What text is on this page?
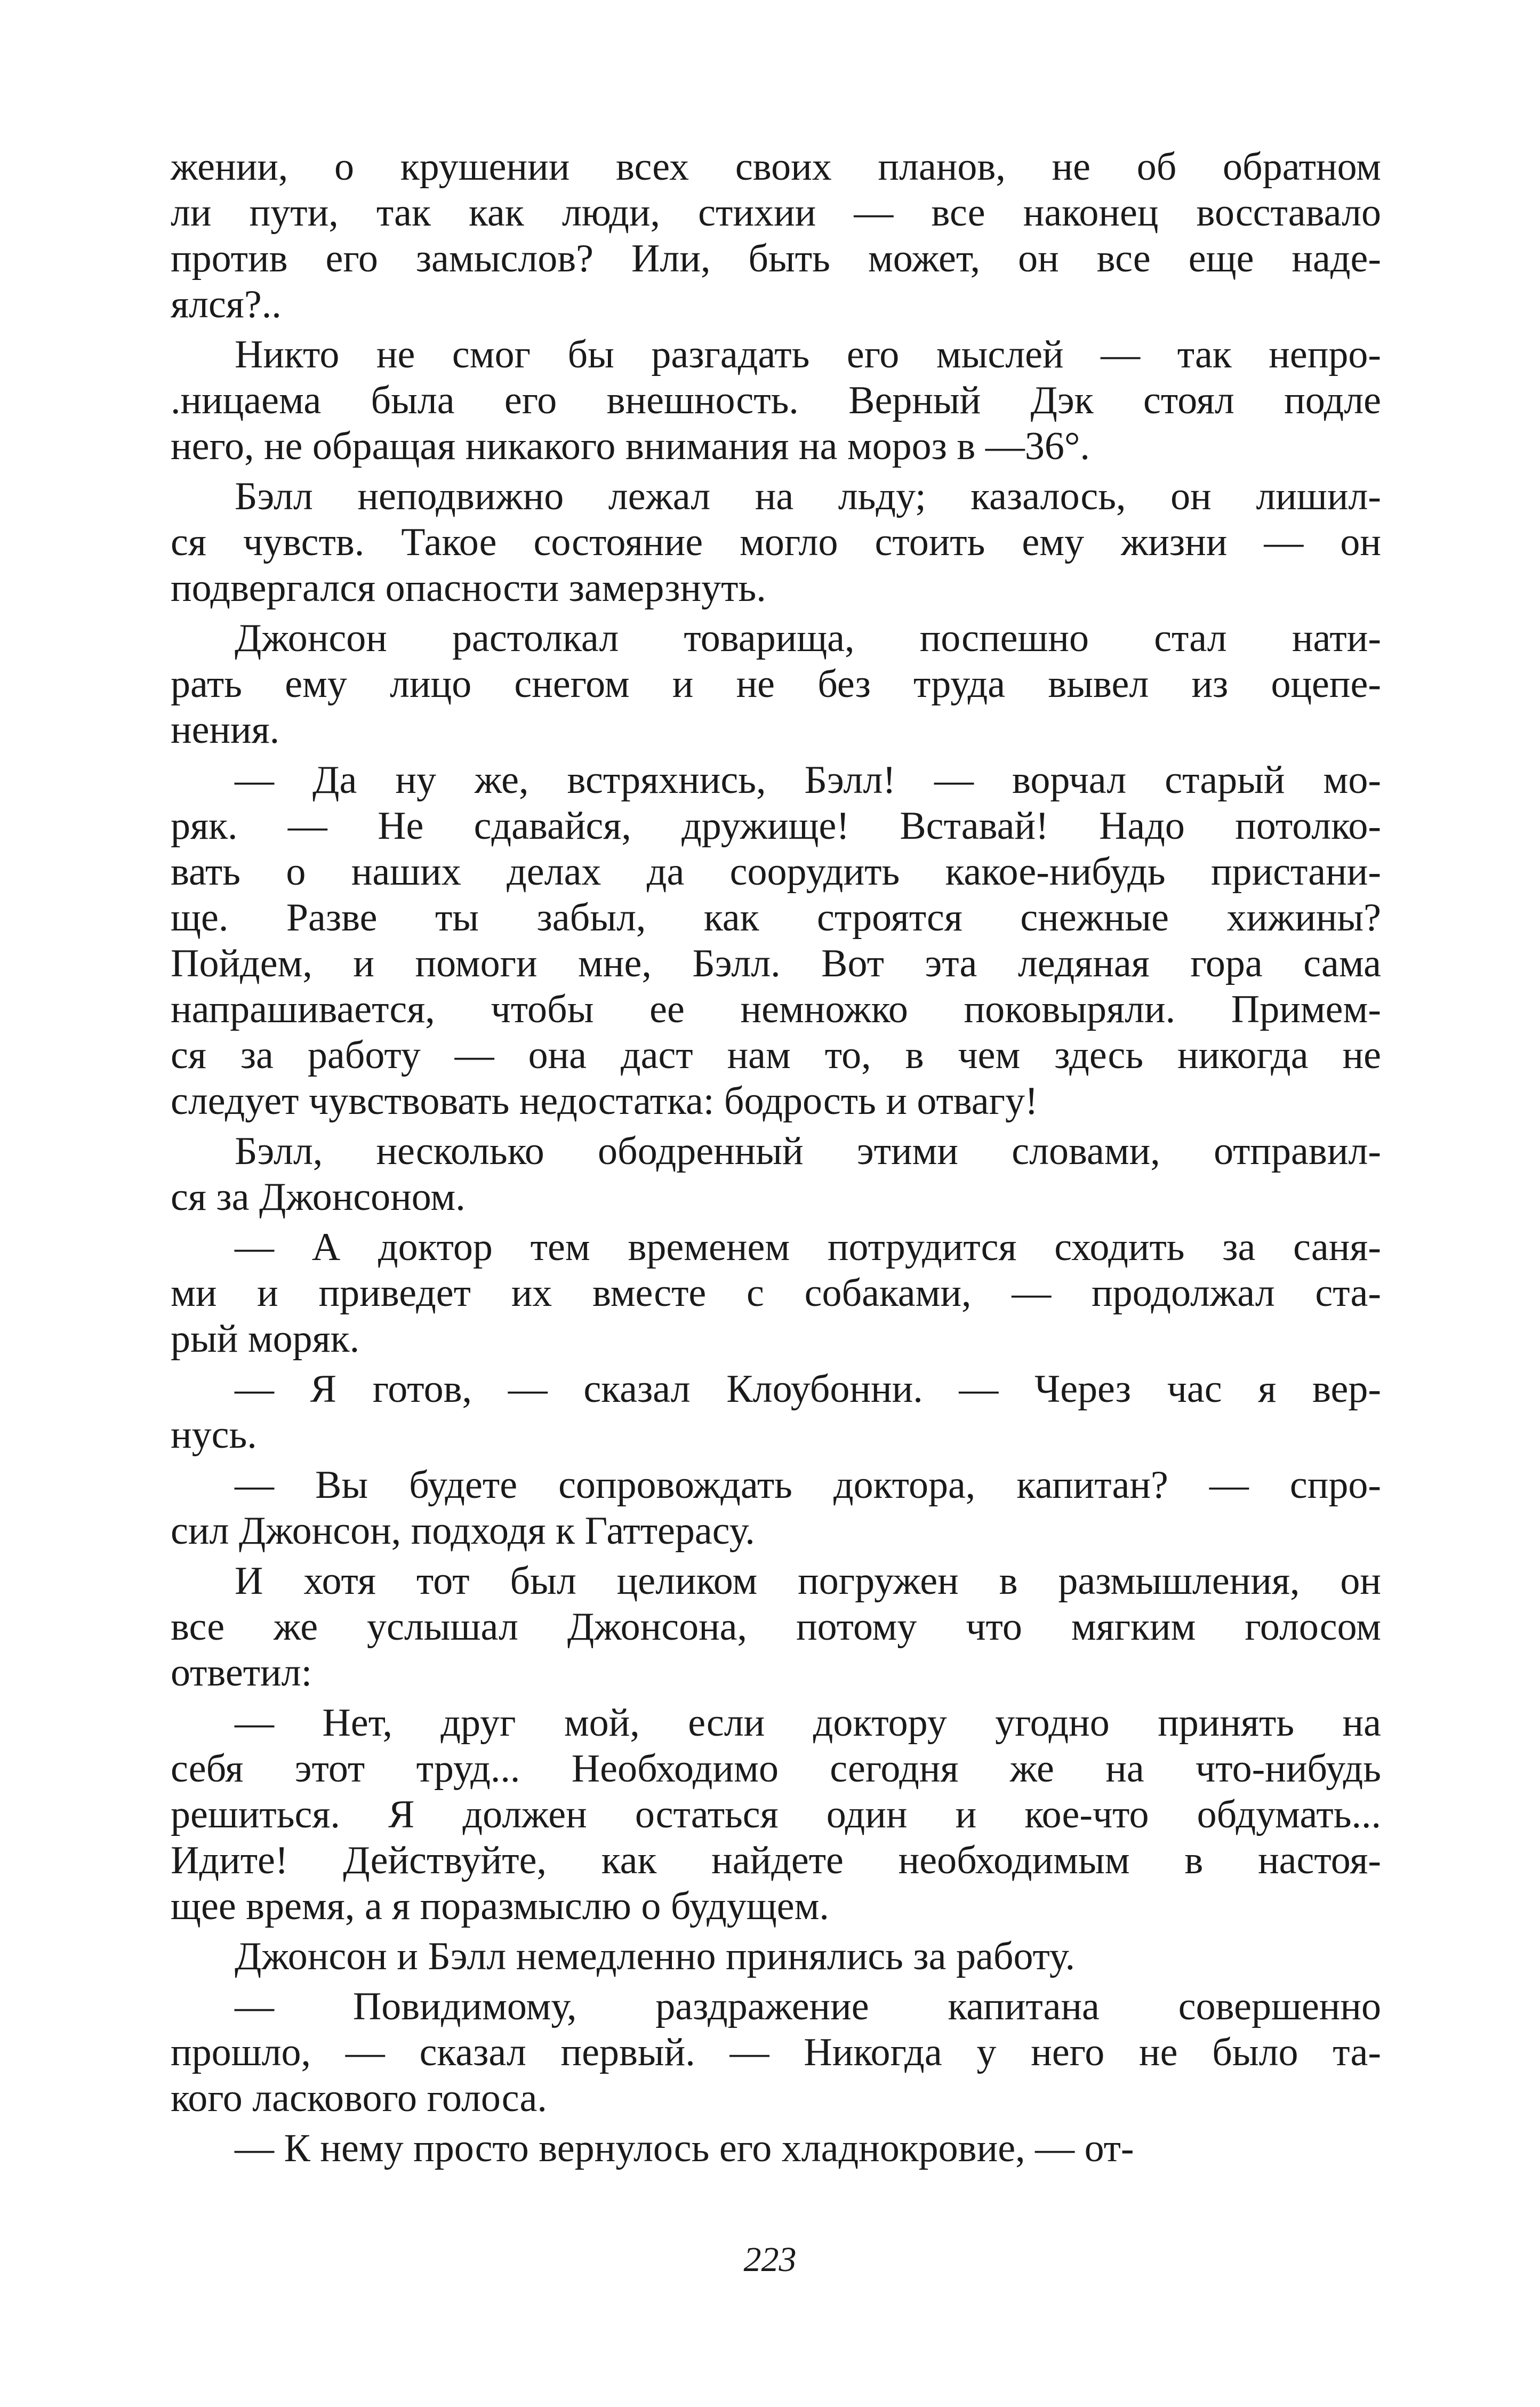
жении, о крушении всех своих планов, не об обратном
ли пути, так как люди, стихии — все наконец восставало
против его замыслов? Или, быть может, он все еще наде-
ялся?..
Никто не смог бы разгадать его мыслей — так непро-
.ницаема была его внешность. Верный Дэк стоял подле
него, не обращая никакого внимания на мороз в —36°.
Бэлл неподвижно лежал на льду; казалось, он лишил-
ся чувств. Такое состояние могло стоить ему жизни — он
подвергался опасности замерзнуть.
Джонсон растолкал товарища, поспешно стал нати-
рать ему лицо снегом и не без труда вывел из оцепе-
нения.
— Да ну же, встряхнись, Бэлл! — ворчал старый мо-
ряк. — Не сдавайся, дружище! Вставай! Надо потолко-
вать о наших делах да соорудить какое-нибудь пристани-
ще. Разве ты забыл, как строятся снежные хижины?
Пойдем, и помоги мне, Бэлл. Вот эта ледяная гора сама
напрашивается, чтобы ее немножко поковыряли. Примем-
ся за работу — она даст нам то, в чем здесь никогда не
следует чувствовать недостатка: бодрость и отвагу!
Бэлл, несколько ободренный этими словами, отправил-
ся за Джонсоном.
— А доктор тем временем потрудится сходить за саня-
ми и приведет их вместе с собаками, — продолжал ста-
рый моряк.
— Я готов, — сказал Клоубонни. — Через час я вер-
нусь.
— Вы будете сопровождать доктора, капитан? — спро-
сил Джонсон, подходя к Гаттерасу.
И хотя тот был целиком погружен в размышления, он
все же услышал Джонсона, потому что мягким голосом
ответил:
— Нет, друг мой, если доктору угодно принять на
себя этот труд... Необходимо сегодня же на что-нибудь
решиться. Я должен остаться один и кое-что обдумать...
Идите! Действуйте, как найдете необходимым в настоя-
щее время, а я поразмыслю о будущем.
Джонсон и Бэлл немедленно принялись за работу.
— Повидимому, раздражение капитана совершенно
прошло, — сказал первый. — Никогда у него не было та-
кого ласкового голоса.
— К нему просто вернулось его хладнокровие, — от-
223
